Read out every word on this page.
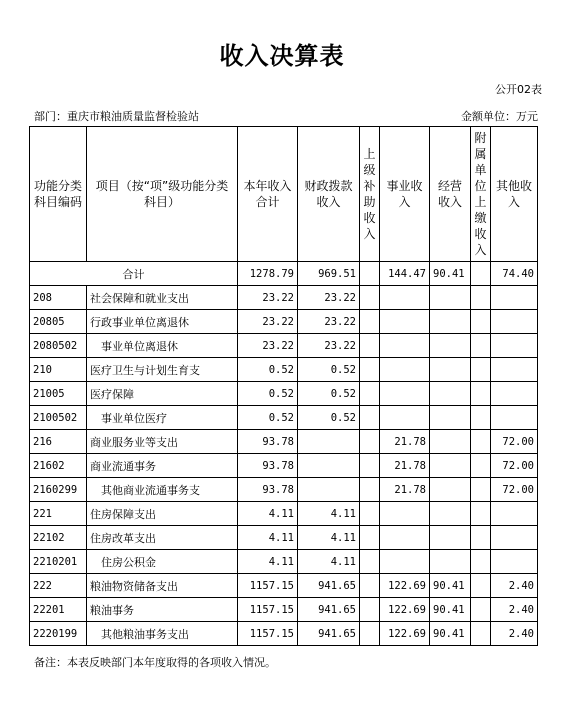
收入决算表
公开02表
部门：重庆市粮油质量监督检验站	金额单位：万元
功能分类科目编码	项目（按“项”级功能分类科目）	本年收入合计	财政拨款收入	上级补助收入	事业收入	经营收入	附属单位上缴收入	其他收入
合计		1278.79	969.51		144.47	90.41		74.40
208	社会保障和就业支出	23.22	23.22					
20805	行政事业单位离退休	23.22	23.22					
2080502	事业单位离退休	23.22	23.22					
210	医疗卫生与计划生育支	0.52	0.52					
21005	医疗保障	0.52	0.52					
2100502	事业单位医疗	0.52	0.52					
216	商业服务业等支出	93.78			21.78			72.00
21602	商业流通事务	93.78			21.78			72.00
2160299	其他商业流通事务支	93.78			21.78			72.00
221	住房保障支出	4.11	4.11					
22102	住房改革支出	4.11	4.11					
2210201	住房公积金	4.11	4.11					
222	粮油物资储备支出	1157.15	941.65		122.69	90.41		2.40
22201	粮油事务	1157.15	941.65		122.69	90.41		2.40
2220199	其他粮油事务支出	1157.15	941.65		122.69	90.41		2.40
备注：本表反映部门本年度取得的各项收入情况。
